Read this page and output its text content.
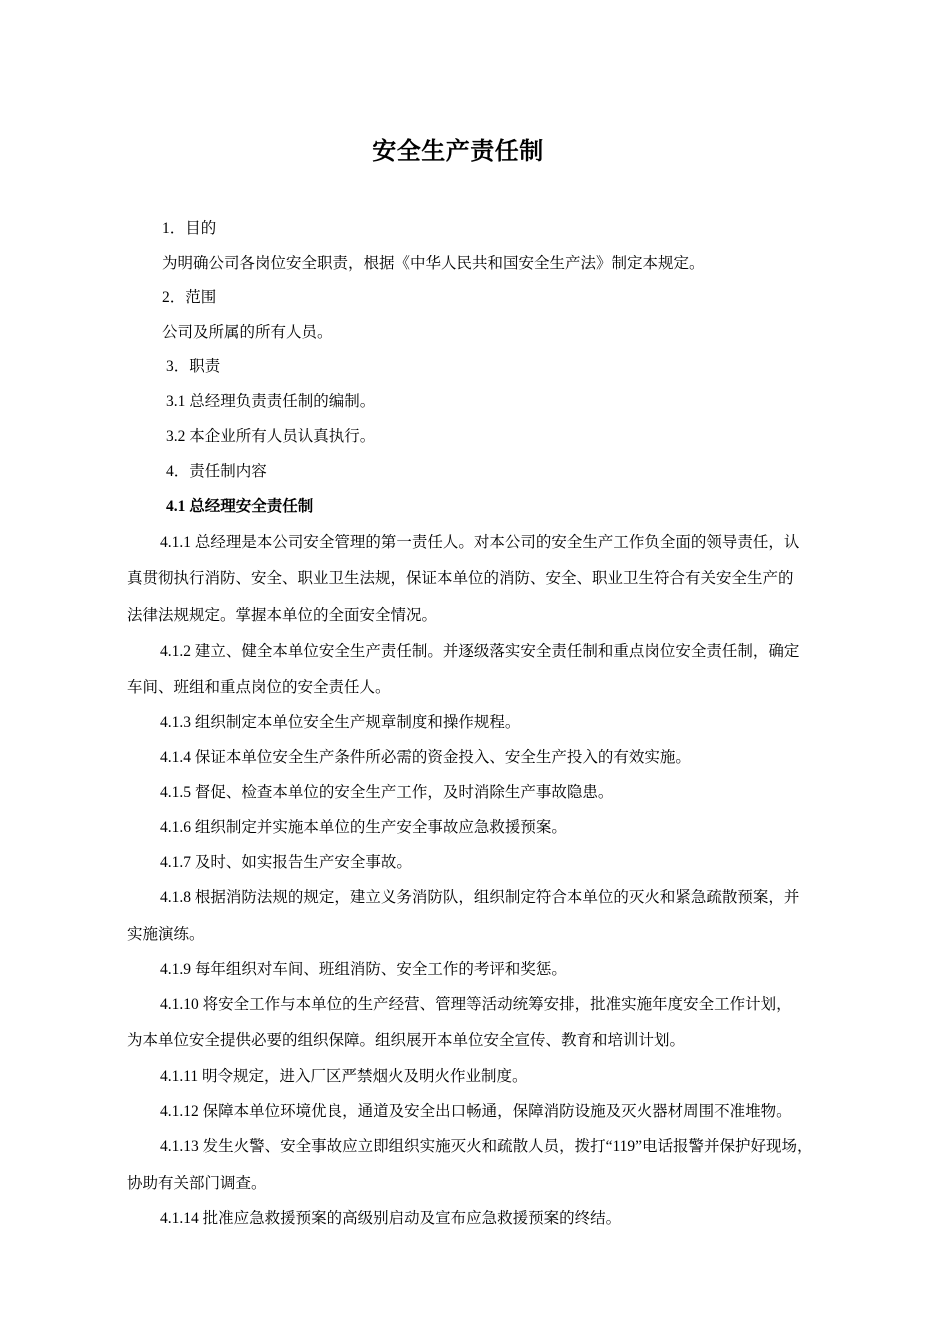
安全生产责任制
1．目的
为明确公司各岗位安全职责，根据《中华人民共和国安全生产法》制定本规定。
2．范围
公司及所属的所有人员。
3．职责
3.1 总经理负责责任制的编制。
3.2 本企业所有人员认真执行。
4．责任制内容
4.1 总经理安全责任制
4.1.1 总经理是本公司安全管理的第一责任人。对本公司的安全生产工作负全面的领导责任，认
真贯彻执行消防、安全、职业卫生法规，保证本单位的消防、安全、职业卫生符合有关安全生产的
法律法规规定。掌握本单位的全面安全情况。
4.1.2 建立、健全本单位安全生产责任制。并逐级落实安全责任制和重点岗位安全责任制，确定
车间、班组和重点岗位的安全责任人。
4.1.3 组织制定本单位安全生产规章制度和操作规程。
4.1.4 保证本单位安全生产条件所必需的资金投入、安全生产投入的有效实施。
4.1.5 督促、检查本单位的安全生产工作，及时消除生产事故隐患。
4.1.6 组织制定并实施本单位的生产安全事故应急救援预案。
4.1.7 及时、如实报告生产安全事故。
4.1.8 根据消防法规的规定，建立义务消防队，组织制定符合本单位的灭火和紧急疏散预案，并
实施演练。
4.1.9 每年组织对车间、班组消防、安全工作的考评和奖惩。
4.1.10 将安全工作与本单位的生产经营、管理等活动统筹安排，批准实施年度安全工作计划，
为本单位安全提供必要的组织保障。组织展开本单位安全宣传、教育和培训计划。
4.1.11 明令规定，进入厂区严禁烟火及明火作业制度。
4.1.12 保障本单位环境优良，通道及安全出口畅通，保障消防设施及灭火器材周围不准堆物。
4.1.13 发生火警、安全事故应立即组织实施灭火和疏散人员，拨打“119”电话报警并保护好现场，
协助有关部门调查。
4.1.14 批准应急救援预案的高级别启动及宣布应急救援预案的终结。
